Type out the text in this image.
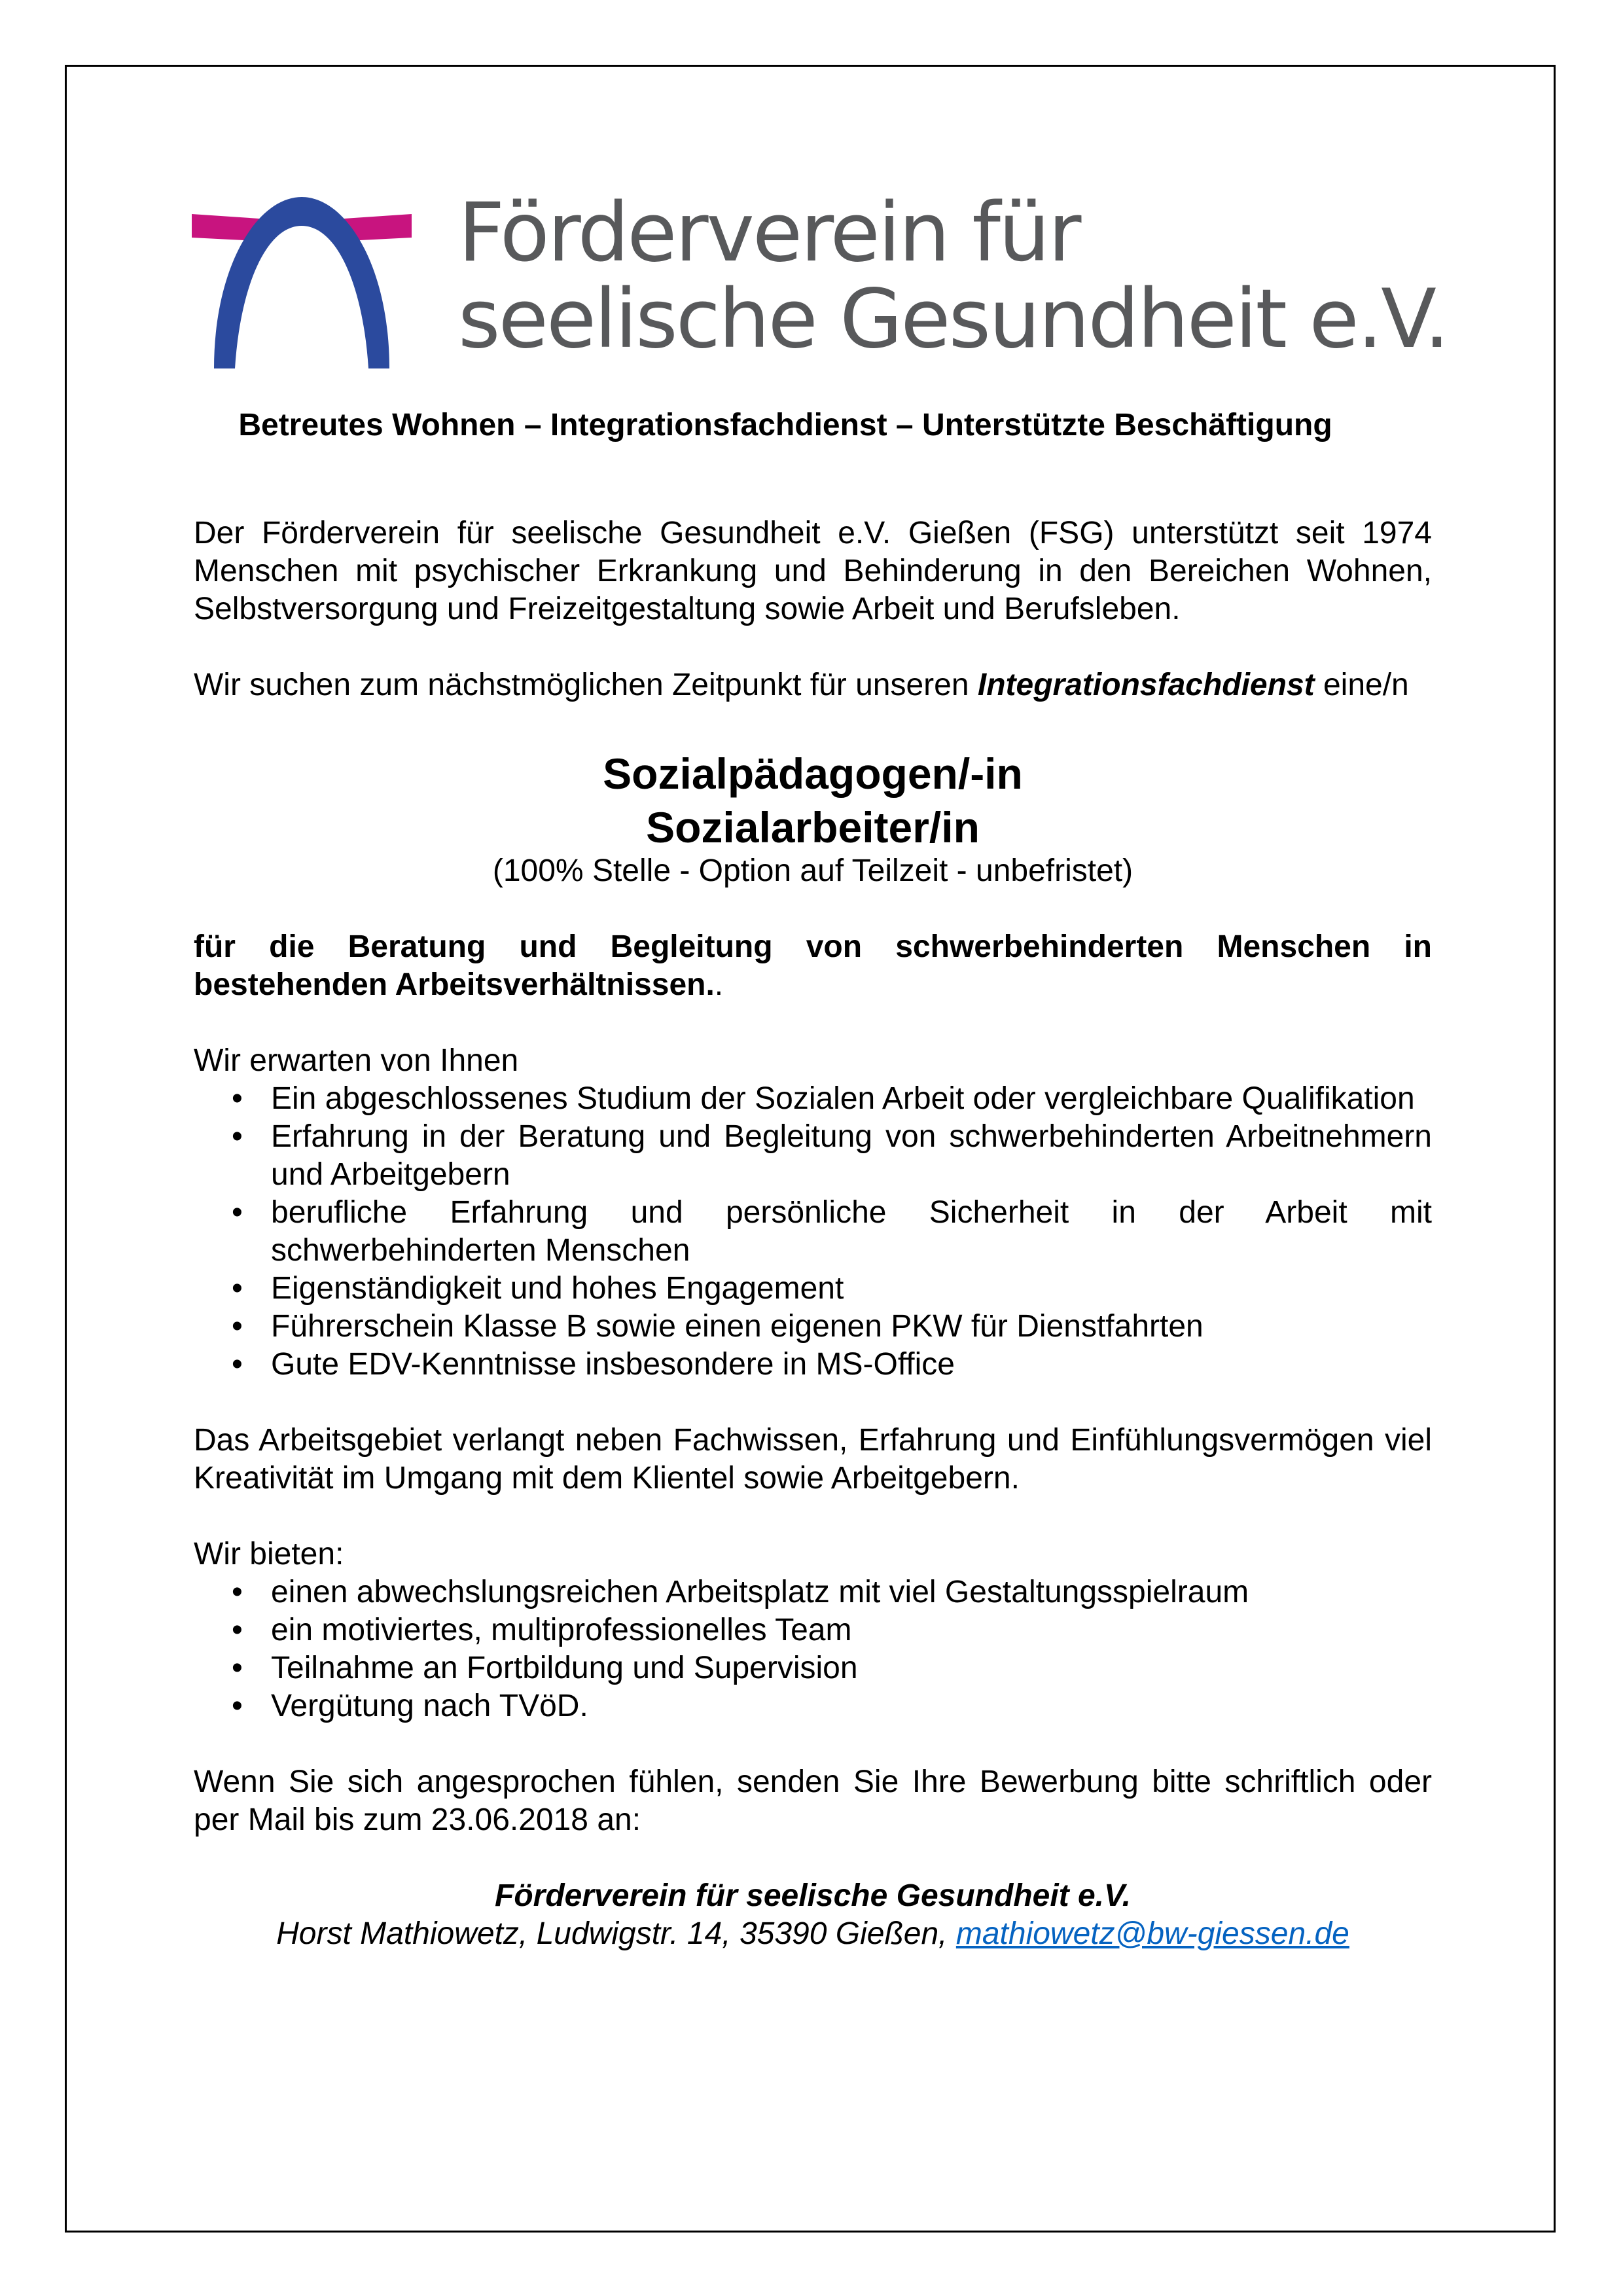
Förderverein für
seelische Gesundheit e.V.
Betreutes Wohnen – Integrationsfachdienst – Unterstützte Beschäftigung

Der Förderverein für seelische Gesundheit e.V. Gießen (FSG) unterstützt seit 1974 Menschen mit psychischer Erkrankung und Behinderung in den Bereichen Wohnen, Selbstversorgung und Freizeitgestaltung sowie Arbeit und Berufsleben.

Wir suchen zum nächstmöglichen Zeitpunkt für unseren Integrationsfachdienst eine/n

Sozialpädagogen/-in

Sozialarbeiter/in

(100% Stelle - Option auf Teilzeit - unbefristet)

für die Beratung und Begleitung von schwerbehinderten Menschen in bestehenden Arbeitsverhältnissen..

Wir erwarten von Ihnen

• Ein abgeschlossenes Studium der Sozialen Arbeit oder vergleichbare Qualifikation
• Erfahrung in der Beratung und Begleitung von schwerbehinderten Arbeitnehmern und Arbeitgebern
• berufliche Erfahrung und persönliche Sicherheit in der Arbeit mit schwerbehinderten Menschen
• Eigenständigkeit und hohes Engagement
• Führerschein Klasse B sowie einen eigenen PKW für Dienstfahrten
• Gute EDV-Kenntnisse insbesondere in MS-Office

Das Arbeitsgebiet verlangt neben Fachwissen, Erfahrung und Einfühlungsvermögen viel Kreativität im Umgang mit dem Klientel sowie Arbeitgebern.

Wir bieten:

• einen abwechslungsreichen Arbeitsplatz mit viel Gestaltungsspielraum
• ein motiviertes, multiprofessionelles Team
• Teilnahme an Fortbildung und Supervision
• Vergütung nach TVöD.

Wenn Sie sich angesprochen fühlen, senden Sie Ihre Bewerbung bitte schriftlich oder per Mail bis zum 23.06.2018 an:

Förderverein für seelische Gesundheit e.V.

Horst Mathiowetz, Ludwigstr. 14, 35390 Gießen, mathiowetz@bw-giessen.de
